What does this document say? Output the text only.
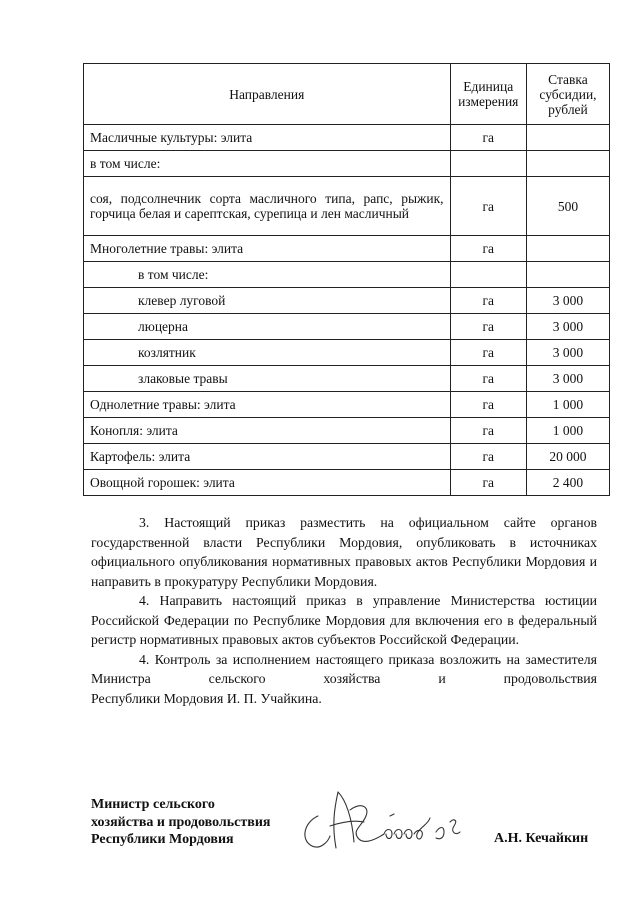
Направления	Единица измерения	Ставка субсидии, рублей
Масличные культуры: элита	га	
в том числе:		
соя, подсолнечник сорта масличного типа, рапс, рыжик, горчица белая и сарептская, сурепица и лен масличный	га	500
Многолетние травы: элита	га	
в том числе:		
клевер луговой	га	3 000
люцерна	га	3 000
козлятник	га	3 000
злаковые травы	га	3 000
Однолетние травы: элита	га	1 000
Конопля: элита	га	1 000
Картофель: элита	га	20 000
Овощной горошек: элита	га	2 400

3. Настоящий приказ разместить на официальном сайте органов государственной власти Республики Мордовия, опубликовать в источниках официального опубликования нормативных правовых актов Республики Мордовия и направить в прокуратуру Республики Мордовия.

4. Направить настоящий приказ в управление Министерства юстиции Российской Федерации по Республике Мордовия для включения его в федеральный регистр нормативных правовых актов субъектов Российской Федерации.

4. Контроль за исполнением настоящего приказа возложить на заместителя Министра сельского хозяйства и продовольствия
Республики Мордовия И. П. Учайкина.

Министр сельского
хозяйства и продовольствия
Республики Мордовия	А.Н. Кечайкин
